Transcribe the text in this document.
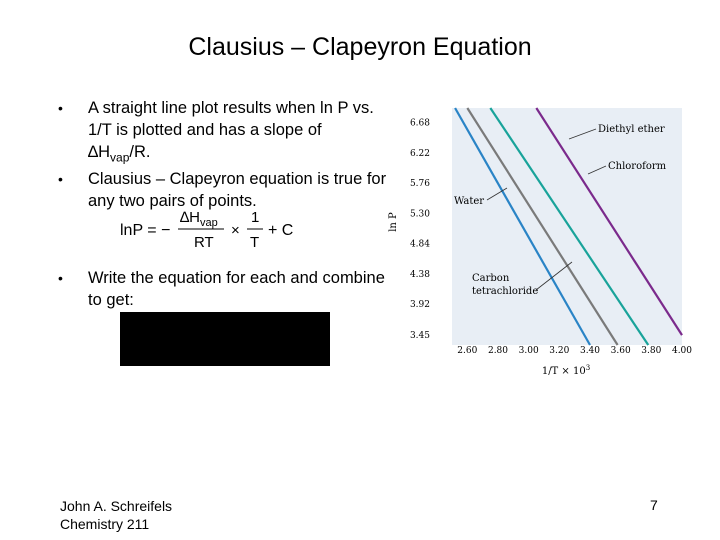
Clausius – Clapeyron Equation
• A straight line plot results when ln P vs. 1/T is plotted and has a slope of $\Delta H_{vap}/R$.
• Clausius – Clapeyron equation is true for any two pairs of points.
• Write the equation for each and combine to get:
lnP = −
$\Delta H_{vap}$
RT
×
1
T
+ C
6.68
6.22
5.76
5.30
4.84
4.38
3.92
3.45
2.60 2.80 3.00 3.20 3.40 3.60 3.80 4.00
ln P
$1/T \times 10^3$
Diethyl ether
Chloroform
Water
Carbon
tetrachloride
John A. Schreifels
Chemistry 211
7
